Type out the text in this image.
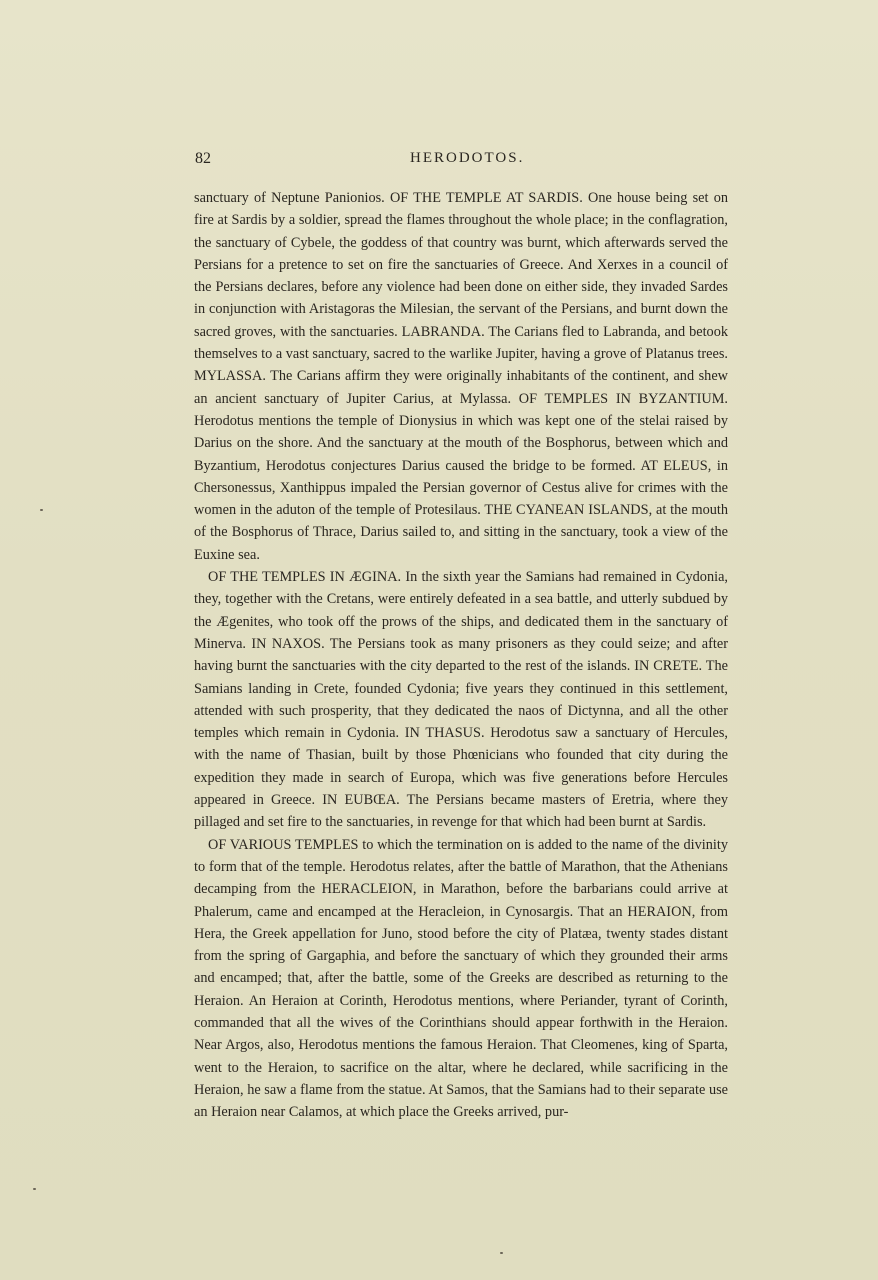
82	HERODOTOS.

sanctuary of Neptune Panionios. OF THE TEMPLE AT SARDIS. One house being set on fire at Sardis by a soldier, spread the flames throughout the whole place; in the conflagration, the sanctuary of Cybele, the goddess of that country was burnt, which afterwards served the Persians for a pretence to set on fire the sanctuaries of Greece. And Xerxes in a council of the Persians declares, before any violence had been done on either side, they invaded Sardes in conjunction with Aristagoras the Milesian, the servant of the Persians, and burnt down the sacred groves, with the sanctuaries. LABRANDA. The Carians fled to Labranda, and betook themselves to a vast sanctuary, sacred to the warlike Jupiter, having a grove of Platanus trees. MYLASSA. The Carians affirm they were originally inhabitants of the continent, and shew an ancient sanctuary of Jupiter Carius, at Mylassa. OF TEMPLES IN BYZANTIUM. Herodotus mentions the temple of Dionysius in which was kept one of the stelai raised by Darius on the shore. And the sanctuary at the mouth of the Bosphorus, between which and Byzantium, Herodotus conjectures Darius caused the bridge to be formed. AT ELEUS, in Chersonessus, Xanthippus impaled the Persian governor of Cestus alive for crimes with the women in the aduton of the temple of Protesilaus. THE CYANEAN ISLANDS, at the mouth of the Bosphorus of Thrace, Darius sailed to, and sitting in the sanctuary, took a view of the Euxine sea.

OF THE TEMPLES IN ÆGINA. In the sixth year the Samians had remained in Cydonia, they, together with the Cretans, were entirely defeated in a sea battle, and utterly subdued by the Ægenites, who took off the prows of the ships, and dedicated them in the sanctuary of Minerva. IN NAXOS. The Persians took as many prisoners as they could seize; and after having burnt the sanctuaries with the city departed to the rest of the islands. IN CRETE. The Samians landing in Crete, founded Cydonia; five years they continued in this settlement, attended with such prosperity, that they dedicated the naos of Dictynna, and all the other temples which remain in Cydonia. IN THASUS. Herodotus saw a sanctuary of Hercules, with the name of Thasian, built by those Phœnicians who founded that city during the expedition they made in search of Europa, which was five generations before Hercules appeared in Greece. IN EUBŒA. The Persians became masters of Eretria, where they pillaged and set fire to the sanctuaries, in revenge for that which had been burnt at Sardis.

OF VARIOUS TEMPLES to which the termination on is added to the name of the divinity to form that of the temple. Herodotus relates, after the battle of Marathon, that the Athenians decamping from the HERACLEION, in Marathon, before the barbarians could arrive at Phalerum, came and encamped at the Heracleion, in Cynosargis. That an HERAION, from Hera, the Greek appellation for Juno, stood before the city of Platæa, twenty stades distant from the spring of Gargaphia, and before the sanctuary of which they grounded their arms and encamped; that, after the battle, some of the Greeks are described as returning to the Heraion. An Heraion at Corinth, Herodotus mentions, where Periander, tyrant of Corinth, commanded that all the wives of the Corinthians should appear forthwith in the Heraion. Near Argos, also, Herodotus mentions the famous Heraion. That Cleomenes, king of Sparta, went to the Heraion, to sacrifice on the altar, where he declared, while sacrificing in the Heraion, he saw a flame from the statue. At Samos, that the Samians had to their separate use an Heraion near Calamos, at which place the Greeks arrived, pur-
